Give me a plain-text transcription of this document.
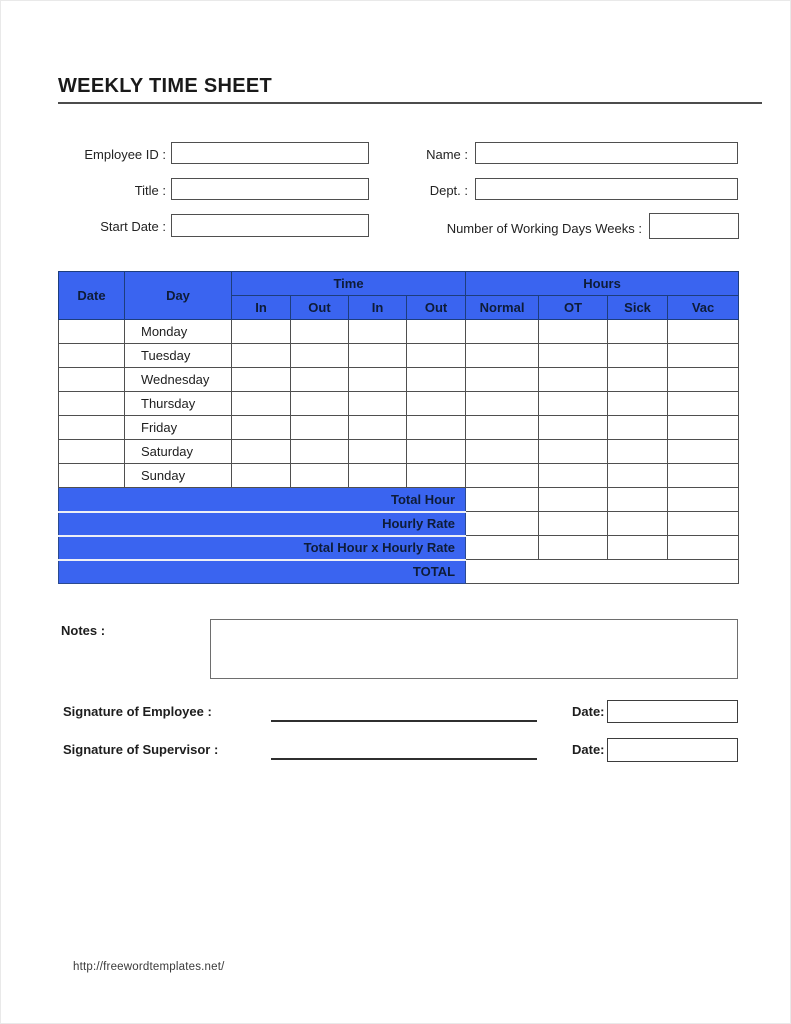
WEEKLY TIME SHEET
Employee ID :	Name :
Title :	Dept. :
Start Date :	Number of Working Days Weeks :
Date	Day	Time				Hours			
		In	Out	In	Out	Normal	OT	Sick	Vac
	Monday								
	Tuesday								
	Wednesday								
	Thursday								
	Friday								
	Saturday								
	Sunday								
Total Hour									
Hourly Rate									
Total Hour x Hourly Rate									
TOTAL									
Notes :
Signature of Employee :	Date:
Signature of Supervisor :	Date:
http://freewordtemplates.net/
